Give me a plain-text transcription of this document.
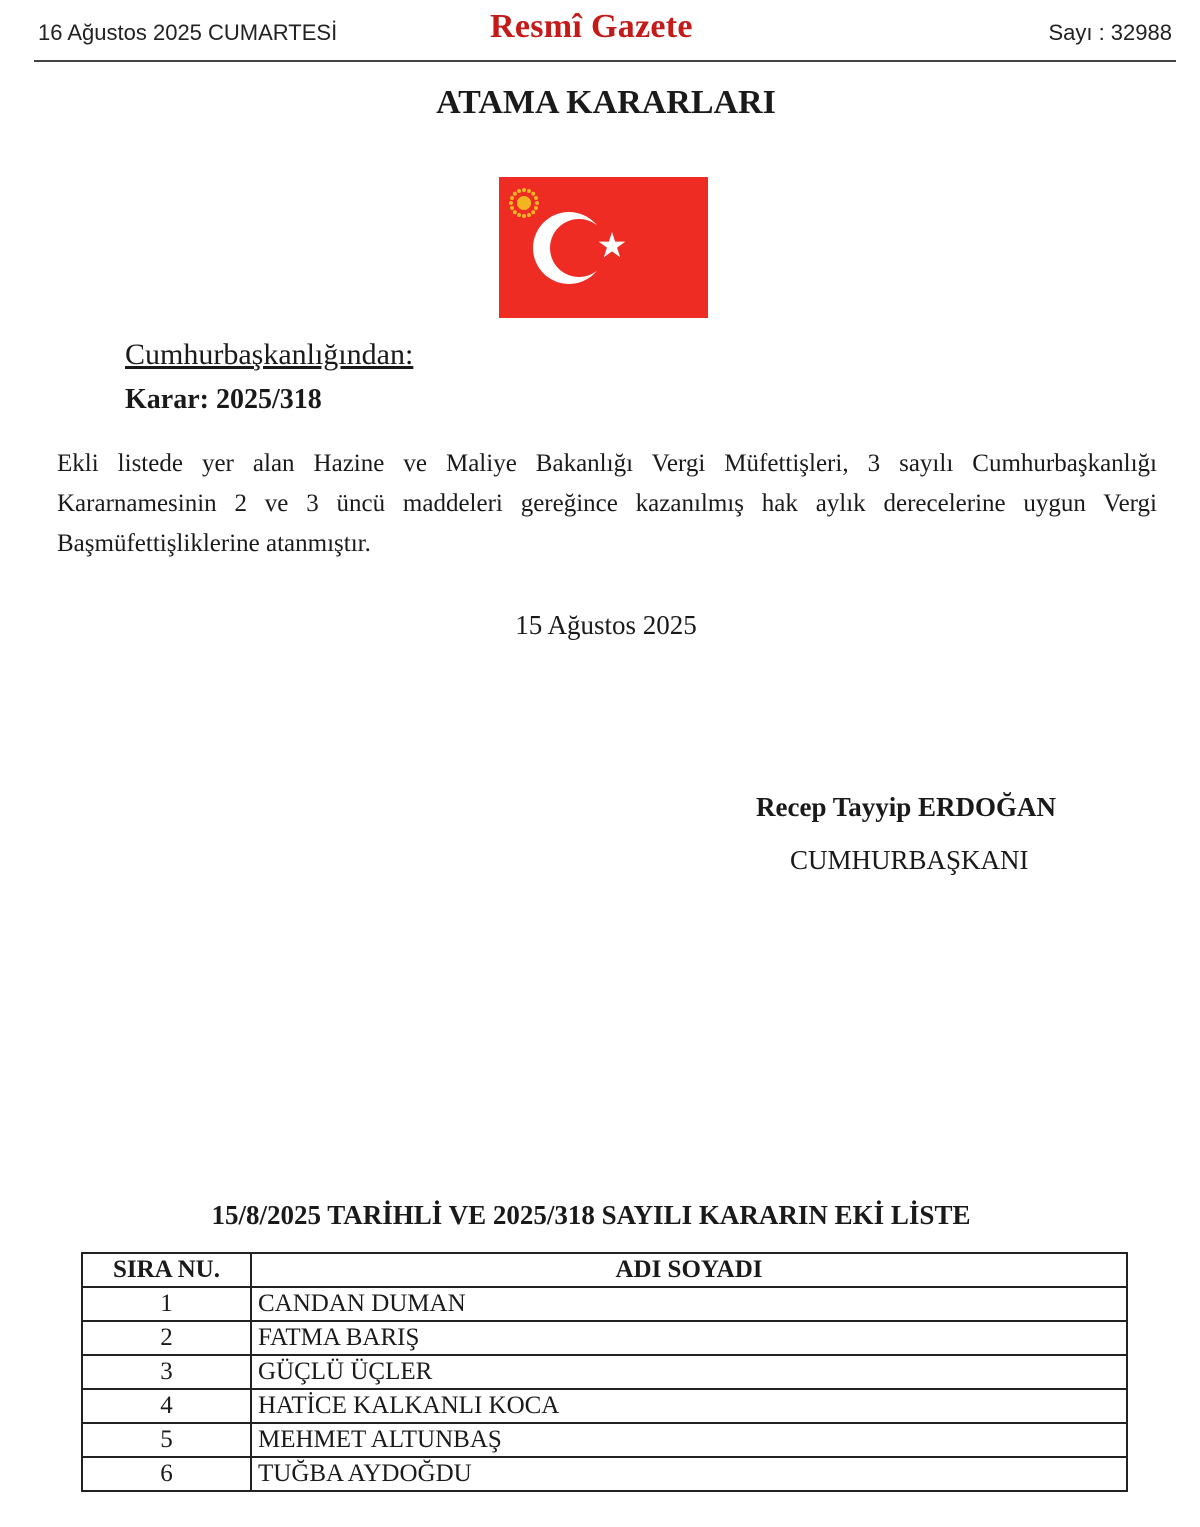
16 Ağustos 2025 CUMARTESİ	Resmî Gazete	Sayı : 32988
ATAMA KARARLARI
Cumhurbaşkanlığından:
Karar: 2025/318
Ekli listede yer alan Hazine ve Maliye Bakanlığı Vergi Müfettişleri, 3 sayılı Cumhurbaşkanlığı Kararnamesinin 2 ve 3 üncü maddeleri gereğince kazanılmış hak aylık derecelerine uygun Vergi Başmüfettişliklerine atanmıştır.
15 Ağustos 2025
Recep Tayyip ERDOĞAN
CUMHURBAŞKANI
15/8/2025 TARİHLİ VE 2025/318 SAYILI KARARIN EKİ LİSTE
SIRA NU.	ADI SOYADI
1	CANDAN DUMAN
2	FATMA BARIŞ
3	GÜÇLÜ ÜÇLER
4	HATİCE KALKANLI KOCA
5	MEHMET ALTUNBAŞ
6	TUĞBA AYDOĞDU
